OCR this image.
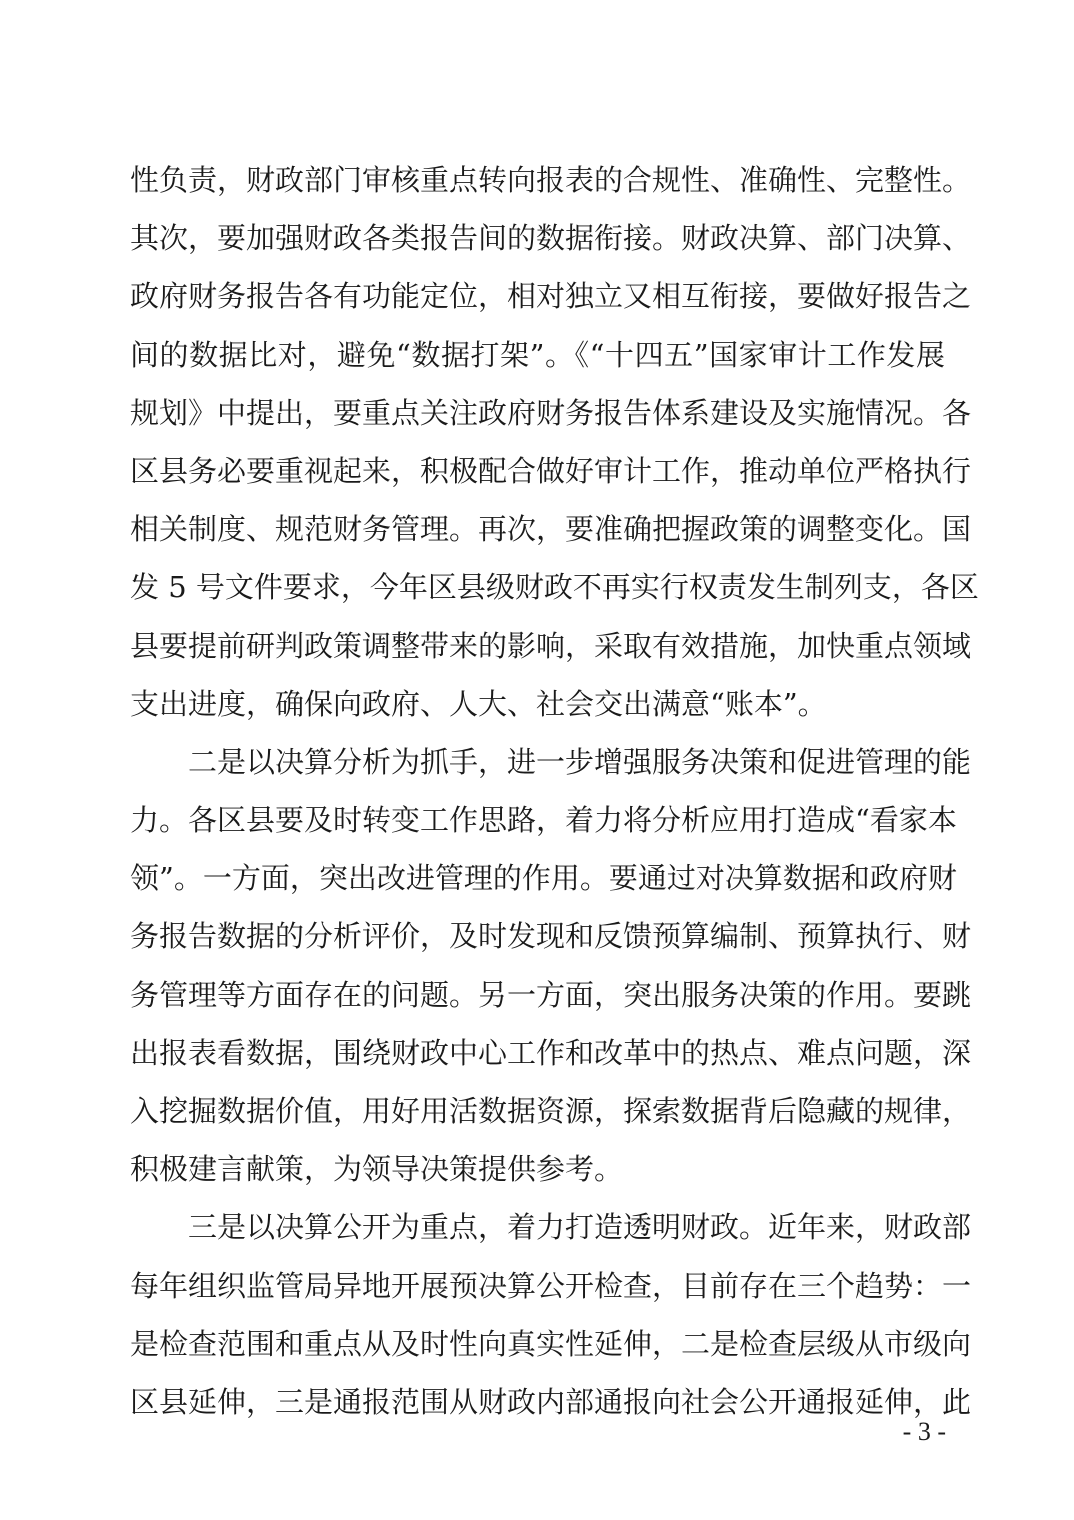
性负责，财政部门审核重点转向报表的合规性、准确性、完整性。
其次，要加强财政各类报告间的数据衔接。财政决算、部门决算、
政府财务报告各有功能定位，相对独立又相互衔接，要做好报告之
间的数据比对，避免“数据打架”。《“十四五”国家审计工作发展
规划》中提出，要重点关注政府财务报告体系建设及实施情况。各
区县务必要重视起来，积极配合做好审计工作，推动单位严格执行
相关制度、规范财务管理。再次，要准确把握政策的调整变化。国
发 5 号文件要求，今年区县级财政不再实行权责发生制列支，各区
县要提前研判政策调整带来的影响，采取有效措施，加快重点领域
支出进度，确保向政府、人大、社会交出满意“账本”。
二是以决算分析为抓手，进一步增强服务决策和促进管理的能
力。各区县要及时转变工作思路，着力将分析应用打造成“看家本
领”。一方面，突出改进管理的作用。要通过对决算数据和政府财
务报告数据的分析评价，及时发现和反馈预算编制、预算执行、财
务管理等方面存在的问题。另一方面，突出服务决策的作用。要跳
出报表看数据，围绕财政中心工作和改革中的热点、难点问题，深
入挖掘数据价值，用好用活数据资源，探索数据背后隐藏的规律，
积极建言献策，为领导决策提供参考。
三是以决算公开为重点，着力打造透明财政。近年来，财政部
每年组织监管局异地开展预决算公开检查，目前存在三个趋势：一
是检查范围和重点从及时性向真实性延伸，二是检查层级从市级向
区县延伸，三是通报范围从财政内部通报向社会公开通报延伸，此
- 3 -
